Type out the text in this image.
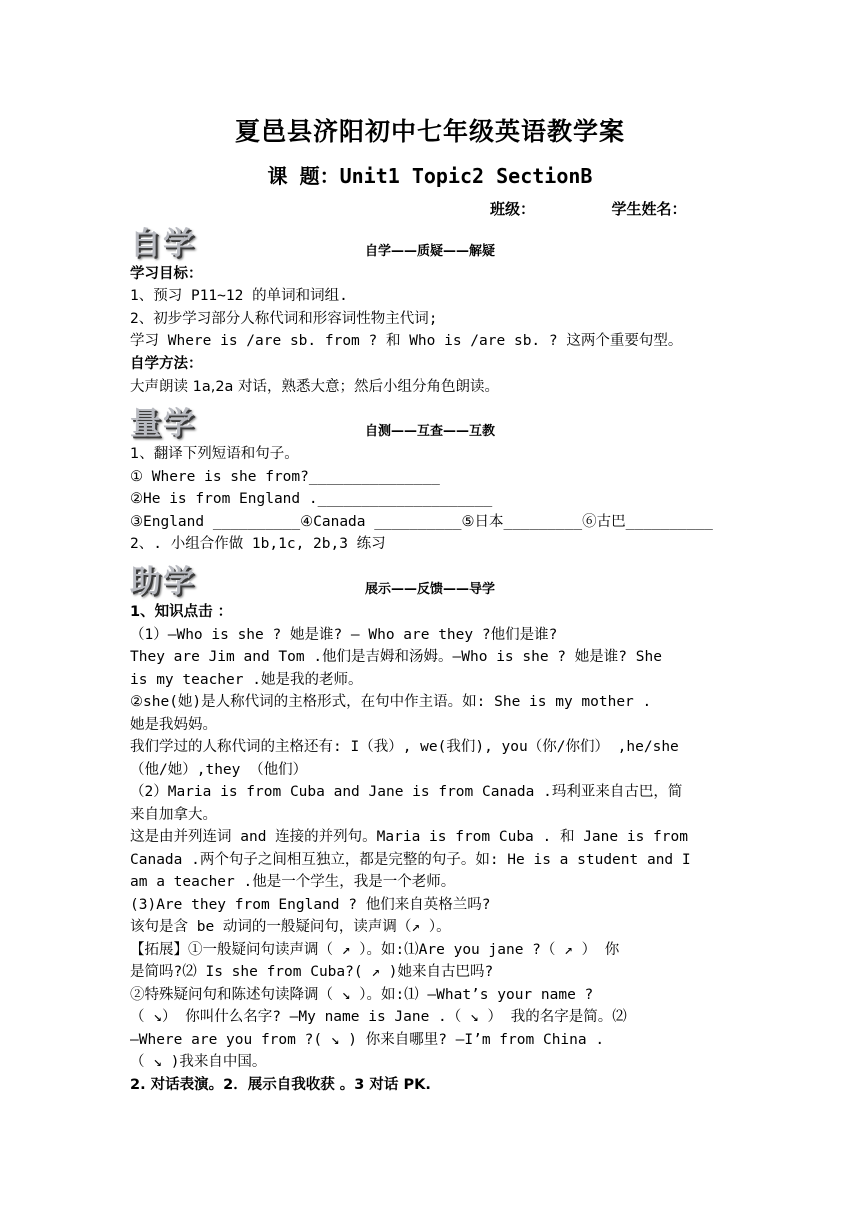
夏邑县济阳初中七年级英语教学案
课 题：Unit1 Topic2 SectionB
班级：	学生姓名：
自学	自学——质疑——解疑
学习目标：
1、预习 P11~12 的单词和词组.
2、初步学习部分人称代词和形容词性物主代词;
学习 Where is /are sb. from ? 和 Who is /are sb. ? 这两个重要句型。
自学方法：
大声朗读 1a,2a 对话，熟悉大意；然后小组分角色朗读。
量学	自测——互查——互教
1、翻译下列短语和句子。
① Where is she from?_______________
②He is from England .____________________
③England __________④Canada __________⑤日本_________⑥古巴__________
2、. 小组合作做 1b,1c, 2b,3 练习
助学	展示——反馈——导学
1、知识点击 ：
（1）—Who is she ? 她是谁? — Who are they ?他们是谁?
They are Jim and Tom .他们是吉姆和汤姆。—Who is she ? 她是谁? She
is my teacher .她是我的老师。
②she(她)是人称代词的主格形式，在句中作主语。如: She is my mother .
她是我妈妈。
我们学过的人称代词的主格还有: I（我）, we(我们), you（你/你们） ,he/she
（他/她）,they （他们）
（2）Maria is from Cuba and Jane is from Canada .玛利亚来自古巴，简
来自加拿大。
这是由并列连词 and 连接的并列句。Maria is from Cuba . 和 Jane is from
Canada .两个句子之间相互独立，都是完整的句子。如: He is a student and I
am a teacher .他是一个学生，我是一个老师。
(3)Are they from England ? 他们来自英格兰吗?
该句是含 be 动词的一般疑问句，读声调（↗ ）。
【拓展】①一般疑问句读声调（ ↗ ）。如:⑴Are you jane ?（ ↗ ） 你
是简吗?⑵ Is she from Cuba?( ↗ )她来自古巴吗?
②特殊疑问句和陈述句读降调（ ↘ ）。如:⑴ –What’s your name ?
（ ↘） 你叫什么名字? –My name is Jane .（ ↘ ） 我的名字是简。⑵
—Where are you from ?( ↘ ) 你来自哪里? –I’m from China .
（ ↘ )我来自中国。
2. 对话表演。2．展示自我收获 。3 对话 PK.
